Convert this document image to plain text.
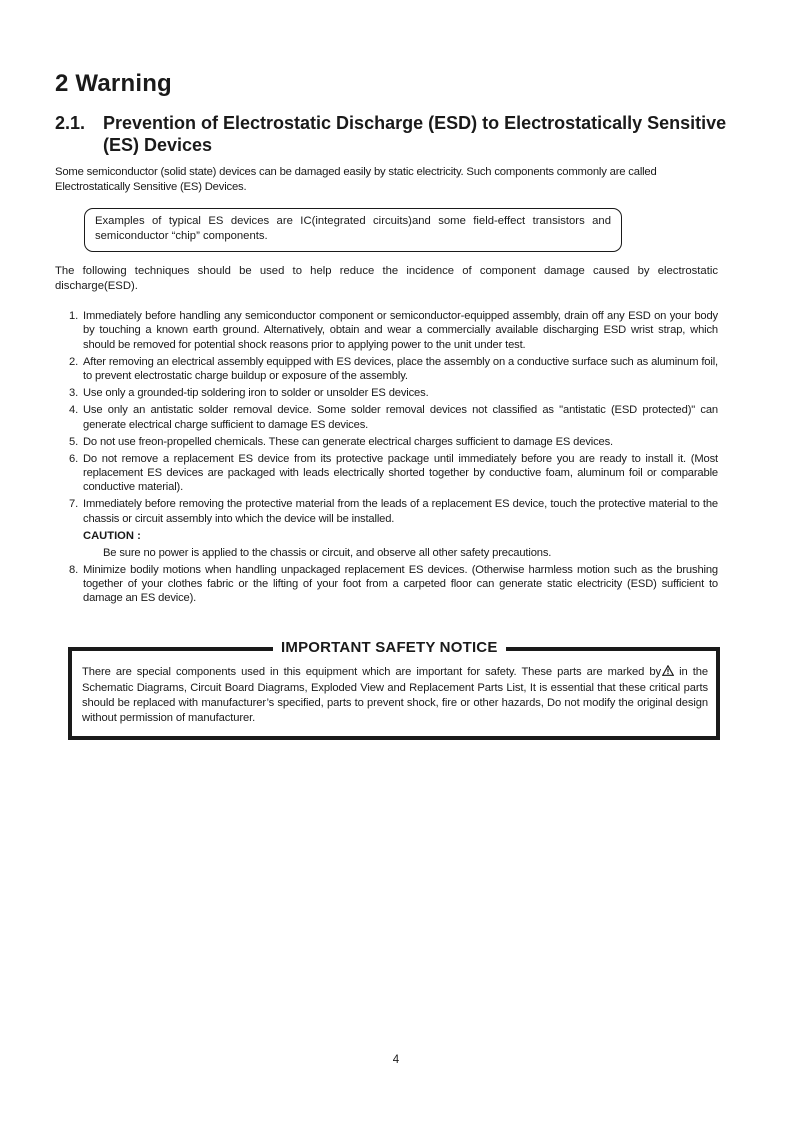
2 Warning
2.1. Prevention of Electrostatic Discharge (ESD) to Electrostatically Sensitive (ES) Devices

Some semiconductor (solid state) devices can be damaged easily by static electricity. Such components commonly are called Electrostatically Sensitive (ES) Devices.

Examples of typical ES devices are IC(integrated circuits)and some field-effect transistors and semiconductor “chip” components.

The following techniques should be used to help reduce the incidence of component damage caused by electrostatic discharge(ESD).

1. Immediately before handling any semiconductor component or semiconductor-equipped assembly, drain off any ESD on your body by touching a known earth ground. Alternatively, obtain and wear a commercially available discharging ESD wrist strap, which should be removed for potential shock reasons prior to applying power to the unit under test.
2. After removing an electrical assembly equipped with ES devices, place the assembly on a conductive surface such as aluminum foil, to prevent electrostatic charge buildup or exposure of the assembly.
3. Use only a grounded-tip soldering iron to solder or unsolder ES devices.
4. Use only an antistatic solder removal device. Some solder removal devices not classified as "antistatic (ESD protected)" can generate electrical charge sufficient to damage ES devices.
5. Do not use freon-propelled chemicals. These can generate electrical charges sufficient to damage ES devices.
6. Do not remove a replacement ES device from its protective package until immediately before you are ready to install it. (Most replacement ES devices are packaged with leads electrically shorted together by conductive foam, aluminum foil or comparable conductive material).
7. Immediately before removing the protective material from the leads of a replacement ES device, touch the protective material to the chassis or circuit assembly into which the device will be installed.
CAUTION :
Be sure no power is applied to the chassis or circuit, and observe all other safety precautions.
8. Minimize bodily motions when handling unpackaged replacement ES devices. (Otherwise harmless motion such as the brushing together of your clothes fabric or the lifting of your foot from a carpeted floor can generate static electricity (ESD) sufficient to damage an ES device).
IMPORTANT SAFETY NOTICE

There are special components used in this equipment which are important for safety. These parts are marked by in the Schematic Diagrams, Circuit Board Diagrams, Exploded View and Replacement Parts List, It is essential that these critical parts should be replaced with manufacturer’s specified, parts to prevent shock, fire or other hazards, Do not modify the original design without permission of manufacturer.

4
